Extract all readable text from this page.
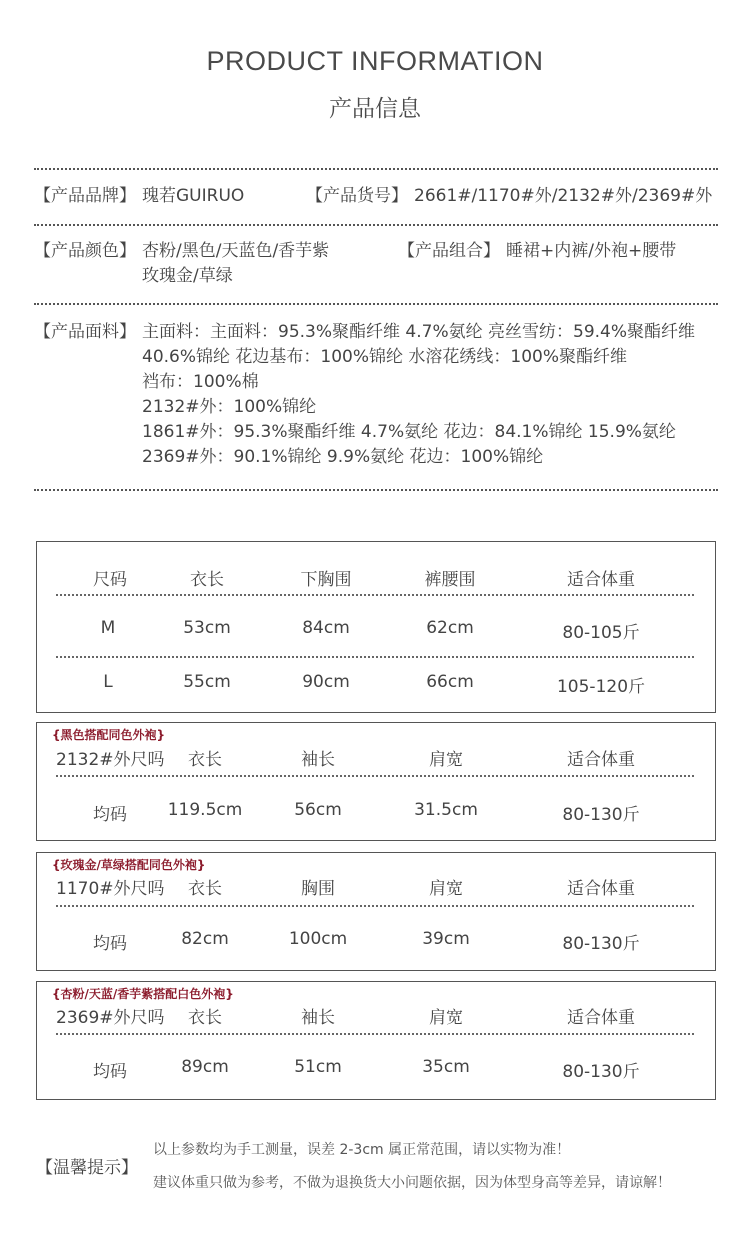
PRODUCT INFORMATION
产品信息
【产品品牌】 瑰若GUIRUO	【产品货号】 2661#/1170#外/2132#外/2369#外
【产品颜色】 杏粉/黑色/天蓝色/香芋紫
玫瑰金/草绿
【产品组合】 睡裙+内裤/外袍+腰带
【产品面料】 主面料：主面料：95.3%聚酯纤维 4.7%氨纶 亮丝雪纺：59.4%聚酯纤维
40.6%锦纶 花边基布：100%锦纶 水溶花绣线：100%聚酯纤维
裆布：100%棉
2132#外：100%锦纶
1861#外：95.3%聚酯纤维 4.7%氨纶 花边：84.1%锦纶 15.9%氨纶
2369#外：90.1%锦纶 9.9%氨纶 花边：100%锦纶
尺码	衣长	下胸围	裤腰围	适合体重
M	53cm	84cm	62cm	80-105斤
L	55cm	90cm	66cm	105-120斤
{黑色搭配同色外袍}
2132#外尺吗 衣长	袖长	肩宽	适合体重
均码 119.5cm	56cm	31.5cm	80-130斤
{玫瑰金/草绿搭配同色外袍}
1170#外尺吗 衣长	胸围	肩宽	适合体重
均码	82cm	100cm	39cm	80-130斤
{杏粉/天蓝/香芋紫搭配白色外袍}
2369#外尺吗 衣长	袖长	肩宽	适合体重
均码	89cm	51cm	35cm	80-130斤
【温馨提示】
以上参数均为手工测量，误差 2-3cm 属正常范围，请以实物为准！
建议体重只做为参考，不做为退换货大小问题依据，因为体型身高等差异，请谅解！
